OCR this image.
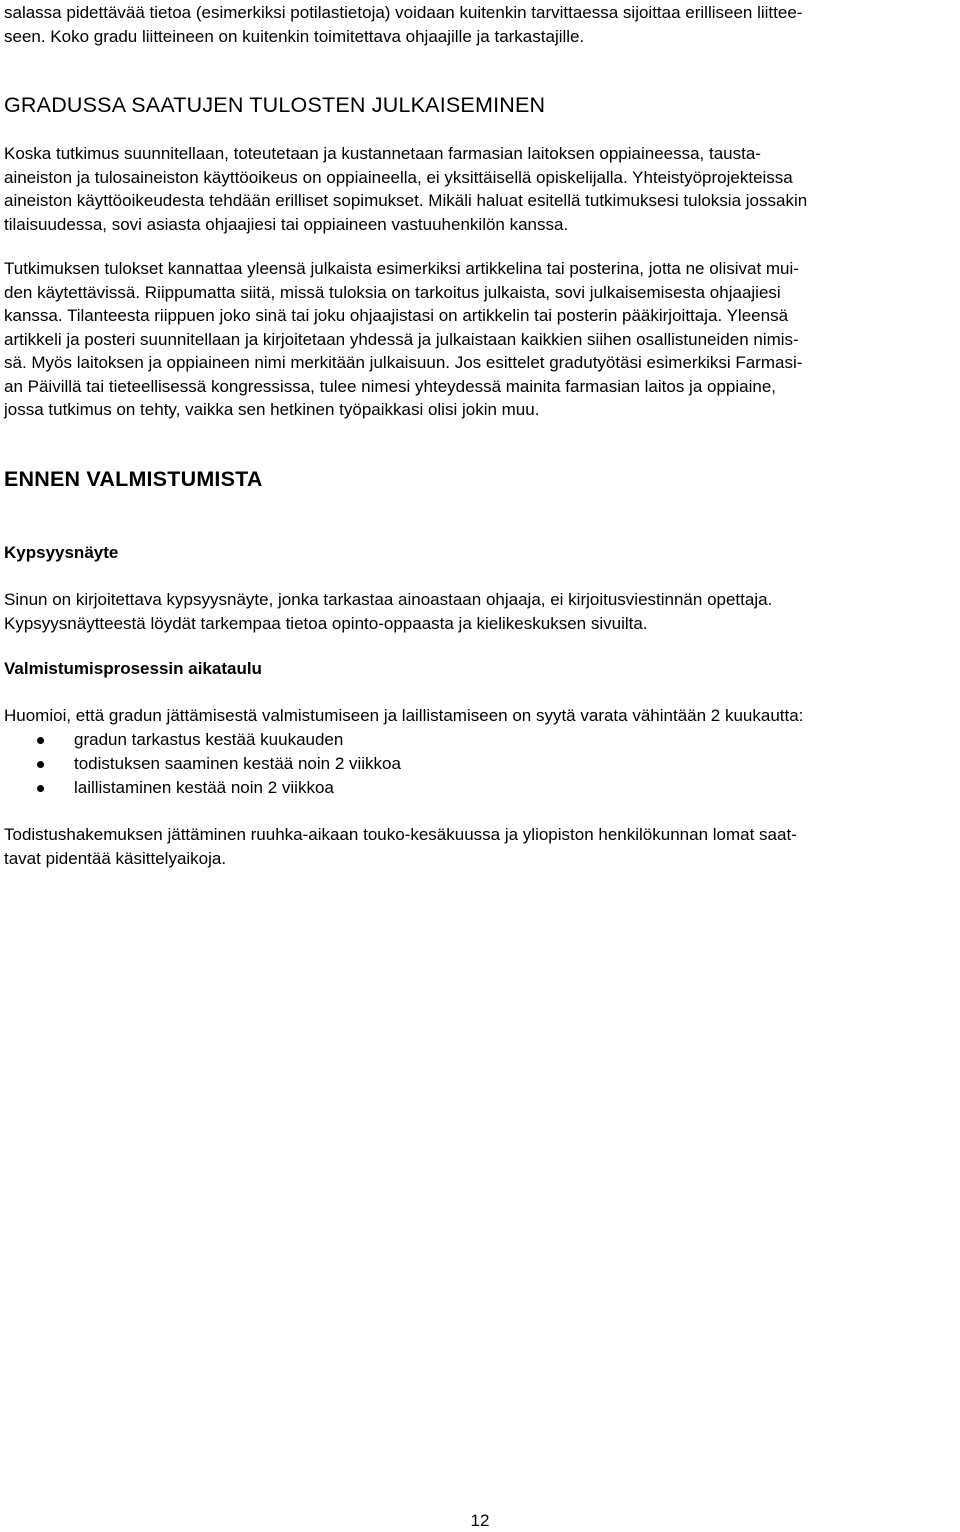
salassa pidettävää tietoa (esimerkiksi potilastietoja) voidaan kuitenkin tarvittaessa sijoittaa erilliseen liittee-
seen. Koko gradu liitteineen on kuitenkin toimitettava ohjaajille ja tarkastajille.

GRADUSSA SAATUJEN TULOSTEN JULKAISEMINEN

Koska tutkimus suunnitellaan, toteutetaan ja kustannetaan farmasian laitoksen oppiaineessa, tausta-
aineiston ja tulosaineiston käyttöoikeus on oppiaineella, ei yksittäisellä opiskelijalla. Yhteistyöprojekteissa
aineiston käyttöoikeudesta tehdään erilliset sopimukset. Mikäli haluat esitellä tutkimuksesi tuloksia jossakin
tilaisuudessa, sovi asiasta ohjaajiesi tai oppiaineen vastuuhenkilön kanssa.

Tutkimuksen tulokset kannattaa yleensä julkaista esimerkiksi artikkelina tai posterina, jotta ne olisivat mui-
den käytettävissä. Riippumatta siitä, missä tuloksia on tarkoitus julkaista, sovi julkaisemisesta ohjaajiesi
kanssa. Tilanteesta riippuen joko sinä tai joku ohjaajistasi on artikkelin tai posterin pääkirjoittaja. Yleensä
artikkeli ja posteri suunnitellaan ja kirjoitetaan yhdessä ja julkaistaan kaikkien siihen osallistuneiden nimis-
sä. Myös laitoksen ja oppiaineen nimi merkitään julkaisuun. Jos esittelet gradutyötäsi esimerkiksi Farmasi-
an Päivillä tai tieteellisessä kongressissa, tulee nimesi yhteydessä mainita farmasian laitos ja oppiaine,
jossa tutkimus on tehty, vaikka sen hetkinen työpaikkasi olisi jokin muu.

ENNEN VALMISTUMISTA
Kypsyysnäyte

Sinun on kirjoitettava kypsyysnäyte, jonka tarkastaa ainoastaan ohjaaja, ei kirjoitusviestinnän opettaja.
Kypsyysnäytteestä löydät tarkempaa tietoa opinto-oppaasta ja kielikeskuksen sivuilta.

Valmistumisprosessin aikataulu

Huomioi, että gradun jättämisestä valmistumiseen ja laillistamiseen on syytä varata vähintään 2 kuukautta:

gradun tarkastus kestää kuukauden
todistuksen saaminen kestää noin 2 viikkoa
laillistaminen kestää noin 2 viikkoa

Todistushakemuksen jättäminen ruuhka-aikaan touko-kesäkuussa ja yliopiston henkilökunnan lomat saat-
tavat pidentää käsittelyaikoja.

12
